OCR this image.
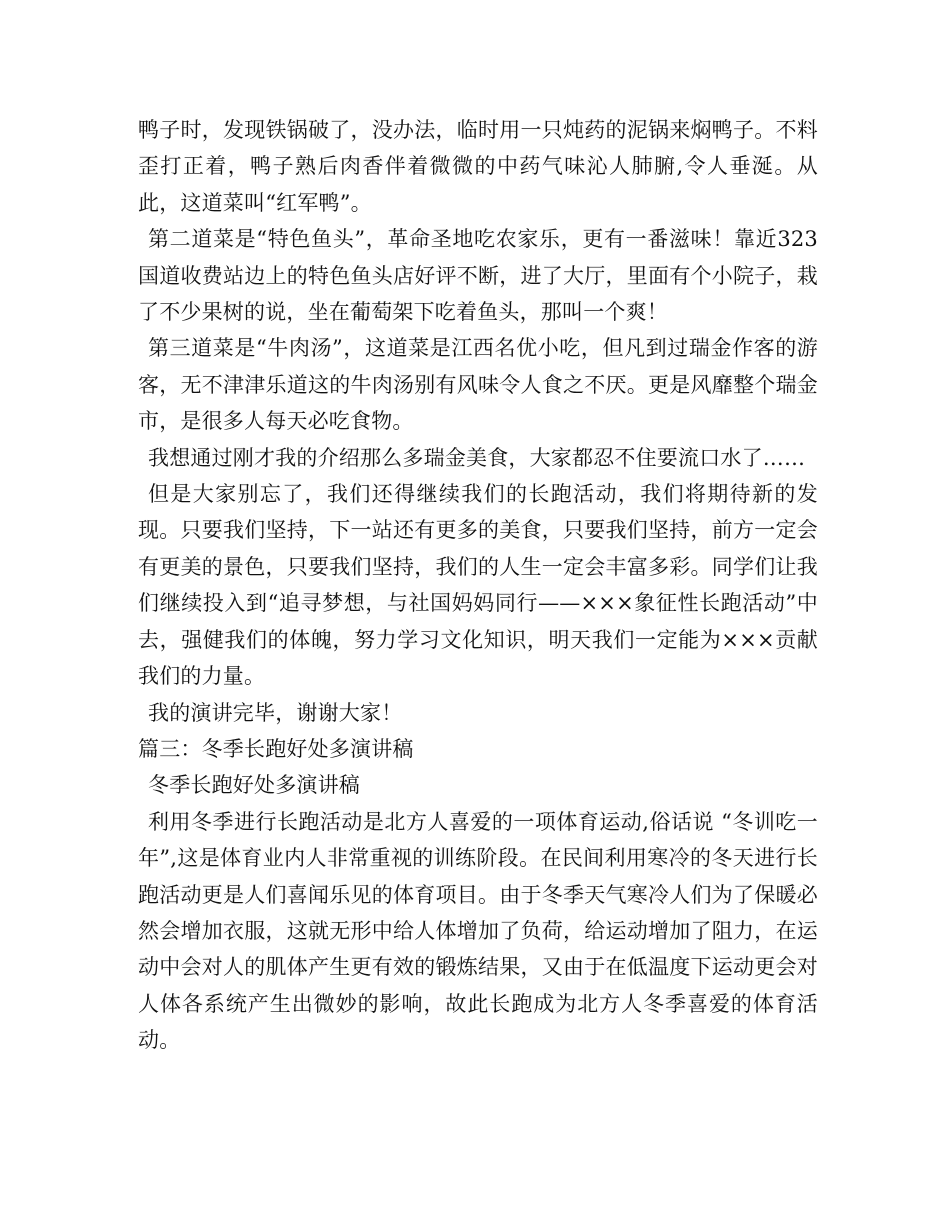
鸭子时，发现铁锅破了，没办法，临时用一只炖药的泥锅来焖鸭子。不料歪打正着，鸭子熟后肉香伴着微微的中药气味沁人肺腑,令人垂涎。从此，这道菜叫“红军鸭”。

第二道菜是“特色鱼头”，革命圣地吃农家乐，更有一番滋味！靠近323国道收费站边上的特色鱼头店好评不断，进了大厅，里面有个小院子，栽了不少果树的说，坐在葡萄架下吃着鱼头，那叫一个爽！

第三道菜是“牛肉汤”，这道菜是江西名优小吃，但凡到过瑞金作客的游客，无不津津乐道这的牛肉汤别有风味令人食之不厌。更是风靡整个瑞金市，是很多人每天必吃食物。

我想通过刚才我的介绍那么多瑞金美食，大家都忍不住要流口水了……

但是大家别忘了，我们还得继续我们的长跑活动，我们将期待新的发现。只要我们坚持，下一站还有更多的美食，只要我们坚持，前方一定会有更美的景色，只要我们坚持，我们的人生一定会丰富多彩。同学们让我们继续投入到“追寻梦想，与社国妈妈同行——×××象征性长跑活动”中去，强健我们的体魄，努力学习文化知识，明天我们一定能为×××贡献我们的力量。

我的演讲完毕，谢谢大家！

篇三：冬季长跑好处多演讲稿

冬季长跑好处多演讲稿

利用冬季进行长跑活动是北方人喜爱的一项体育运动,俗话说 “冬训吃一年”,这是体育业内人非常重视的训练阶段。在民间利用寒冷的冬天进行长跑活动更是人们喜闻乐见的体育项目。由于冬季天气寒冷人们为了保暖必然会增加衣服，这就无形中给人体增加了负荷，给运动增加了阻力，在运动中会对人的肌体产生更有效的锻炼结果，又由于在低温度下运动更会对人体各系统产生出微妙的影响，故此长跑成为北方人冬季喜爱的体育活动。
